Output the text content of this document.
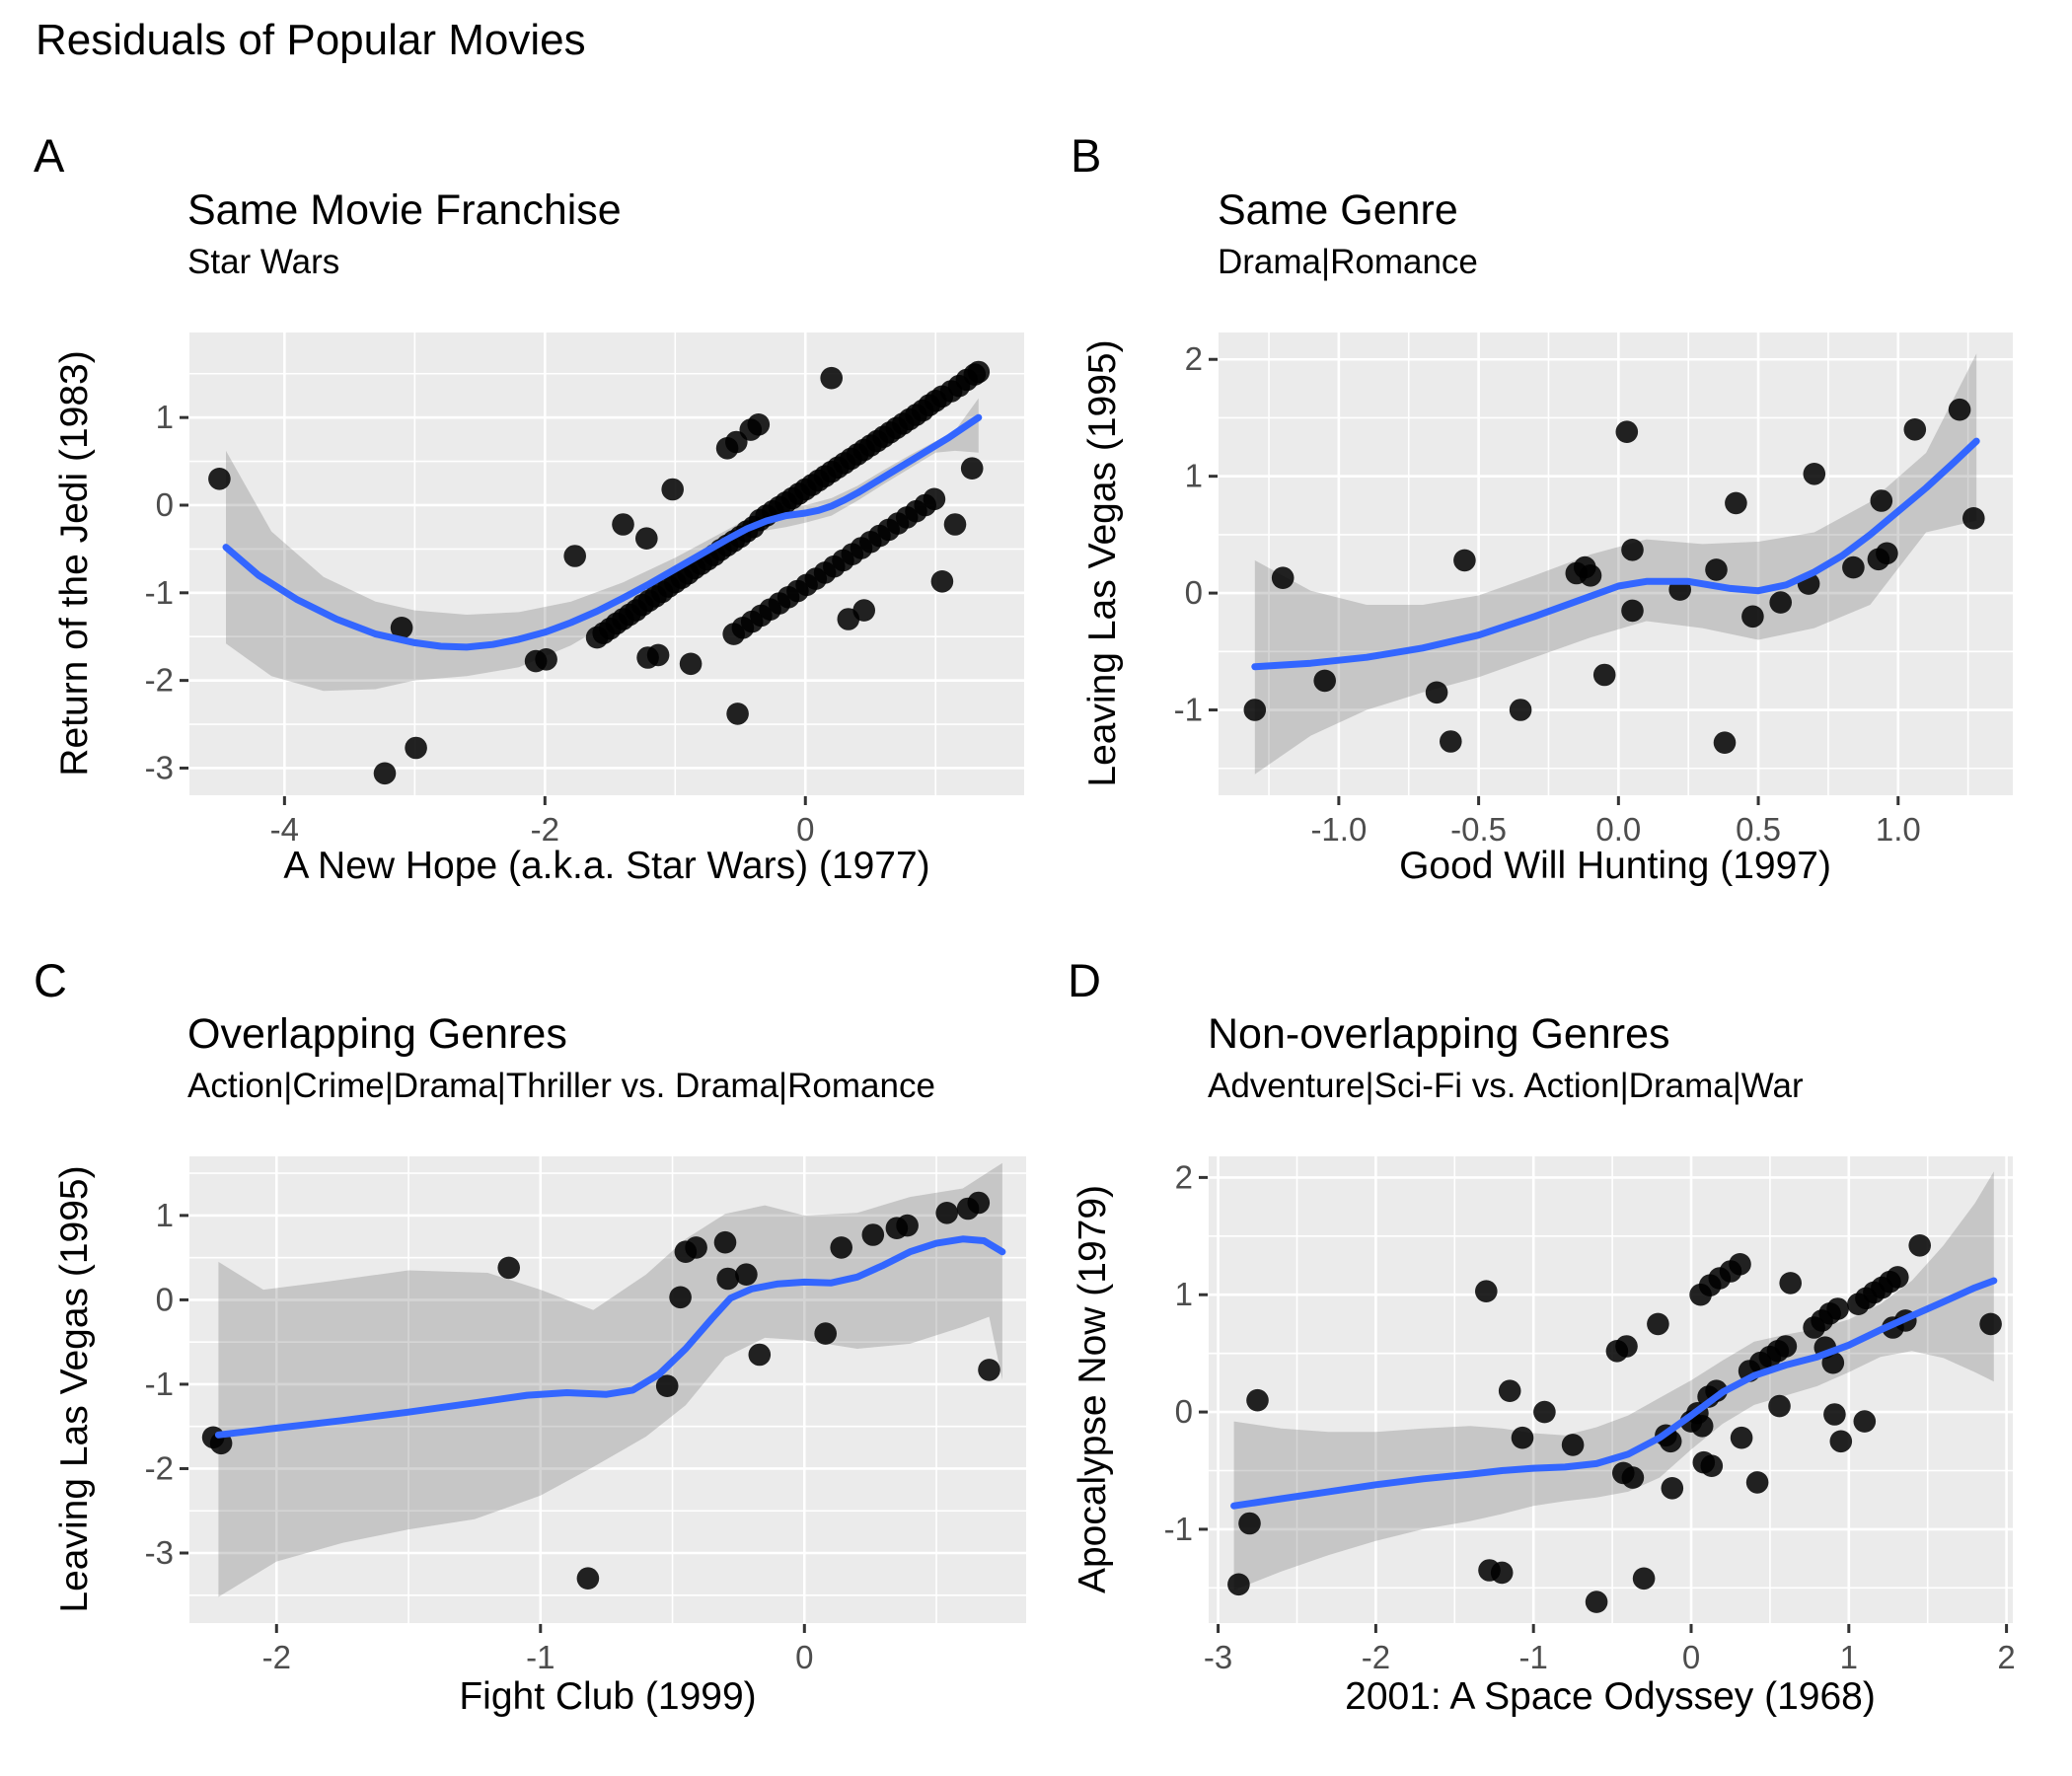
-4	-2	0
-3
-2
-1
0
1
-1.0	-0.5	0.0	0.5	1.0
-1
0
1
2
-2	-1	0
-3
-2
-1
0
1
-3	-2	-1	0	1	2
-1
0
1
2
Residuals of Popular Movies
A
Same Movie Franchise
Star Wars
Return of the Jedi (1983)
A New Hope (a.k.a. Star Wars) (1977)
B
Same Genre
Drama|Romance
Leaving Las Vegas (1995)
Good Will Hunting (1997)
C
Overlapping Genres
Action|Crime|Drama|Thriller vs. Drama|Romance
Leaving Las Vegas (1995)
Fight Club (1999)
D
Non-overlapping Genres
Adventure|Sci-Fi vs. Action|Drama|War
Apocalypse Now (1979)
2001: A Space Odyssey (1968)
